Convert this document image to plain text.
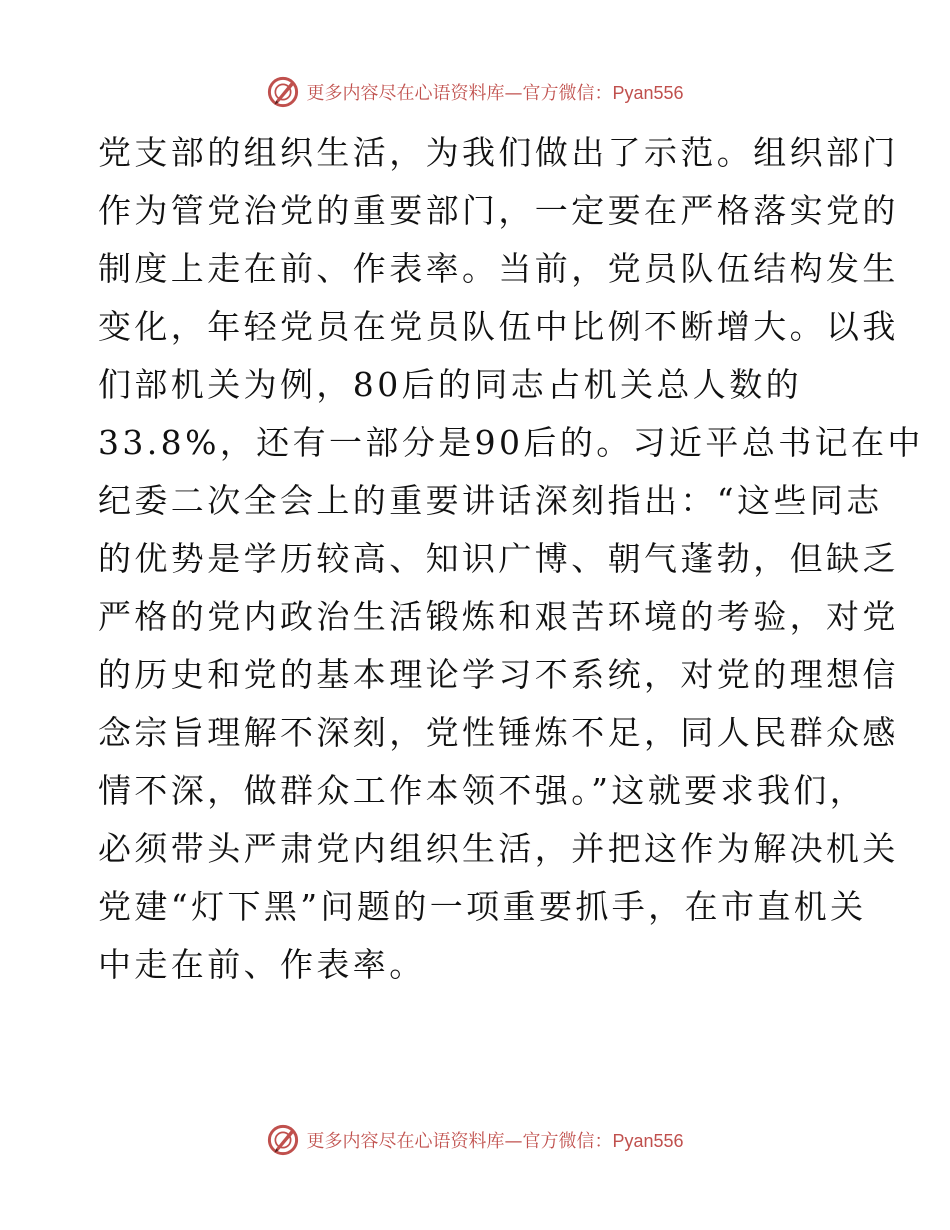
更多内容尽在心语资料库—官方微信：Pyan556
党支部的组织生活，为我们做出了示范。组织部门
作为管党治党的重要部门，一定要在严格落实党的
制度上走在前、作表率。当前，党员队伍结构发生
变化，年轻党员在党员队伍中比例不断增大。以我
们部机关为例，80后的同志占机关总人数的
33.8%，还有一部分是90后的。习近平总书记在中
纪委二次全会上的重要讲话深刻指出：“这些同志
的优势是学历较高、知识广博、朝气蓬勃，但缺乏
严格的党内政治生活锻炼和艰苦环境的考验，对党
的历史和党的基本理论学习不系统，对党的理想信
念宗旨理解不深刻，党性锤炼不足，同人民群众感
情不深，做群众工作本领不强。”这就要求我们，
必须带头严肃党内组织生活，并把这作为解决机关
党建“灯下黑”问题的一项重要抓手，在市直机关
中走在前、作表率。
更多内容尽在心语资料库—官方微信：Pyan556
